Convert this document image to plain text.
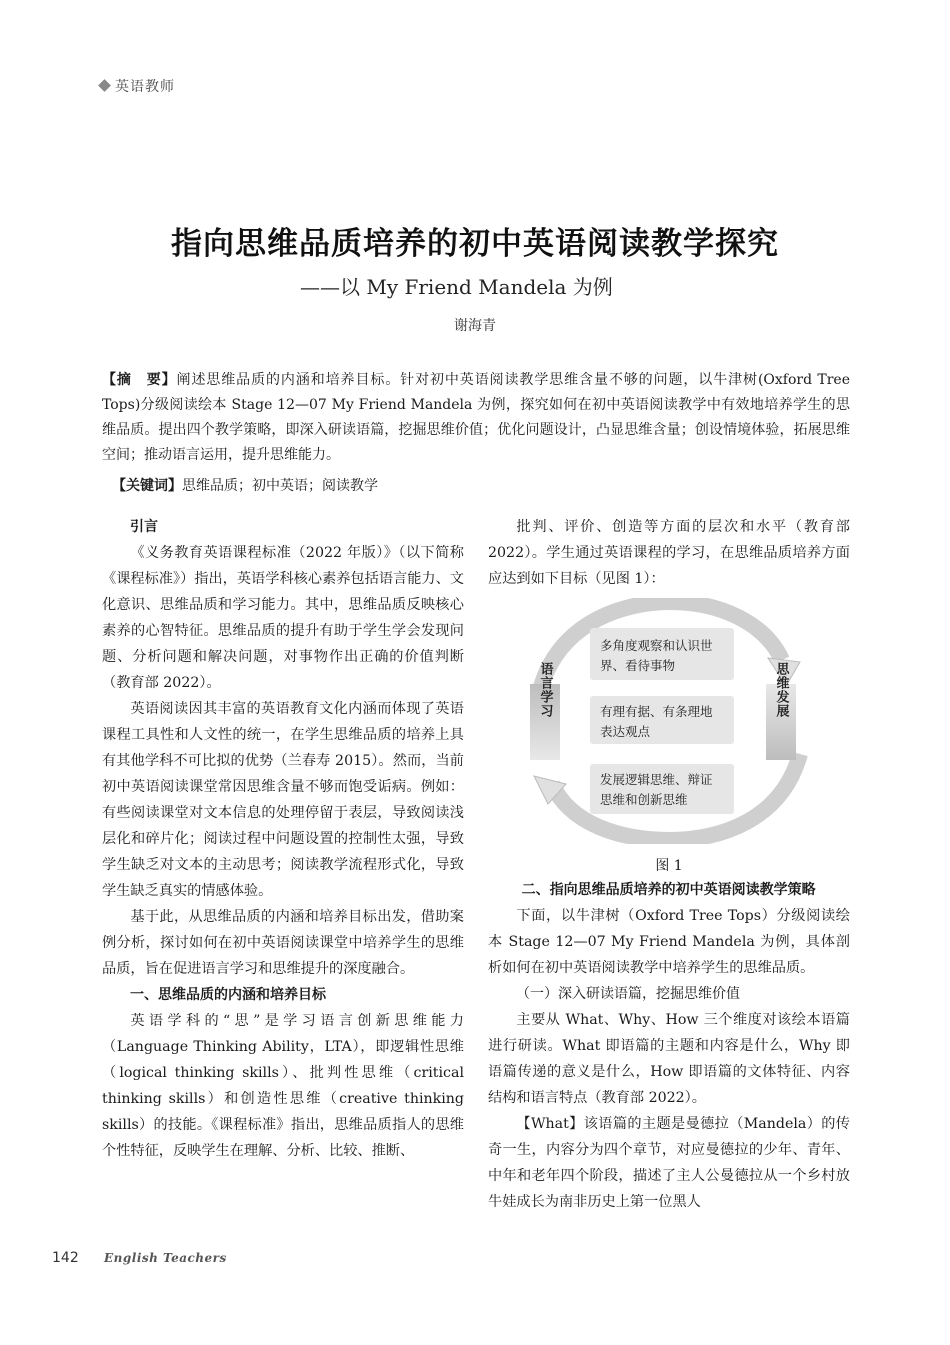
英语教师
指向思维品质培养的初中英语阅读教学探究
——以 My Friend Mandela 为例
谢海青
【摘　要】阐述思维品质的内涵和培养目标。针对初中英语阅读教学思维含量不够的问题，以牛津树(Oxford Tree Tops)分级阅读绘本 Stage 12—07 My Friend Mandela 为例，探究如何在初中英语阅读教学中有效地培养学生的思维品质。提出四个教学策略，即深入研读语篇，挖掘思维价值；优化问题设计，凸显思维含量；创设情境体验，拓展思维空间；推动语言运用，提升思维能力。
【关键词】思维品质；初中英语；阅读教学
引言

《义务教育英语课程标准（2022 年版）》（以下简称《课程标准》）指出，英语学科核心素养包括语言能力、文化意识、思维品质和学习能力。其中，思维品质反映核心素养的心智特征。思维品质的提升有助于学生学会发现问题、分析问题和解决问题，对事物作出正确的价值判断（教育部 2022）。

英语阅读因其丰富的英语教育文化内涵而体现了英语课程工具性和人文性的统一，在学生思维品质的培养上具有其他学科不可比拟的优势（兰春寿 2015）。然而，当前初中英语阅读课堂常因思维含量不够而饱受诟病。例如：有些阅读课堂对文本信息的处理停留于表层，导致阅读浅层化和碎片化；阅读过程中问题设置的控制性太强，导致学生缺乏对文本的主动思考；阅读教学流程形式化，导致学生缺乏真实的情感体验。

基于此，从思维品质的内涵和培养目标出发，借助案例分析，探讨如何在初中英语阅读课堂中培养学生的思维品质，旨在促进语言学习和思维提升的深度融合。

一、思维品质的内涵和培养目标

英语学科的“思”是学习语言创新思维能力（Language Thinking Ability，LTA），即逻辑性思维（logical thinking skills）、批判性思维（critical thinking skills）和创造性思维（creative thinking skills）的技能。《课程标准》指出，思维品质指人的思维个性特征，反映学生在理解、分析、比较、推断、

批判、评价、创造等方面的层次和水平（教育部 2022）。学生通过英语课程的学习，在思维品质培养方面应达到如下目标（见图 1）：

语言学习	思维发展
多角度观察和认识世
界、看待事物
有理有据、有条理地
表达观点
发展逻辑思维、辩证
思维和创新思维
图 1
二、指向思维品质培养的初中英语阅读教学策略

下面，以牛津树（Oxford Tree Tops）分级阅读绘本 Stage 12—07 My Friend Mandela 为例，具体剖析如何在初中英语阅读教学中培养学生的思维品质。

（一）深入研读语篇，挖掘思维价值

主要从 What、Why、How 三个维度对该绘本语篇进行研读。What 即语篇的主题和内容是什么，Why 即语篇传递的意义是什么，How 即语篇的文体特征、内容结构和语言特点（教育部 2022）。

【What】该语篇的主题是曼德拉（Mandela）的传奇一生，内容分为四个章节，对应曼德拉的少年、青年、中年和老年四个阶段，描述了主人公曼德拉从一个乡村放牛娃成长为南非历史上第一位黑人

142 English Teachers
